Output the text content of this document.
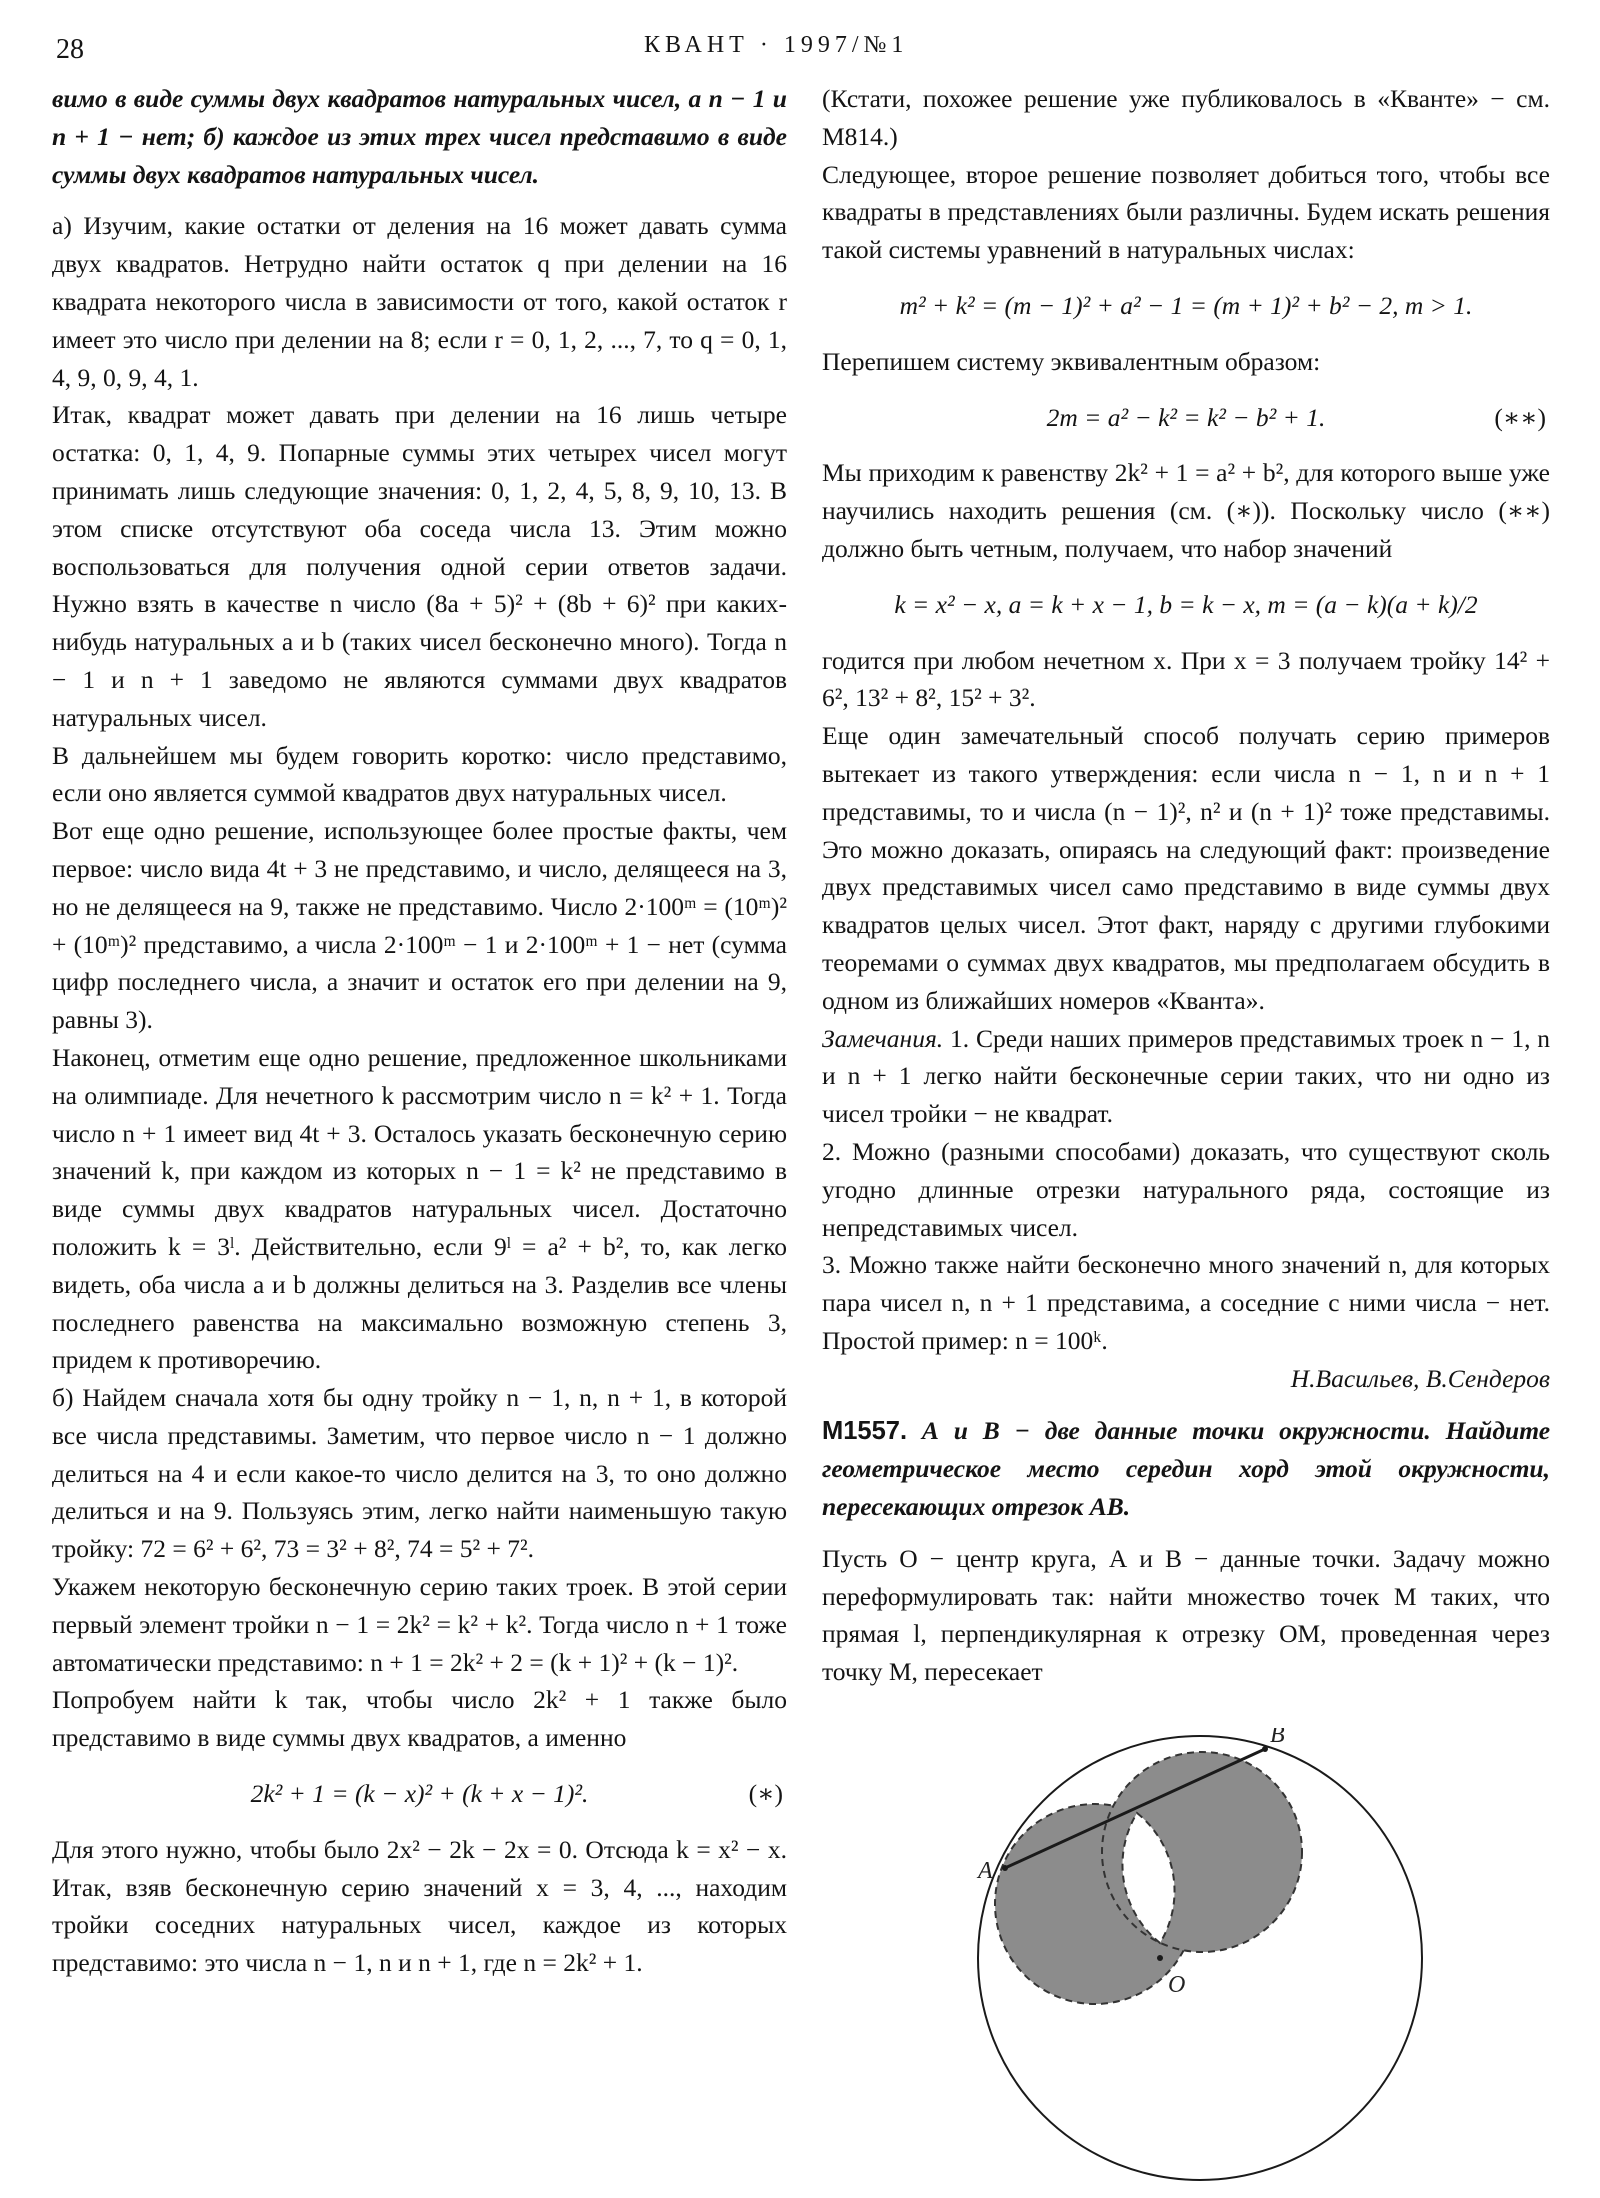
28	КВАНТ · 1997/№1

вимо в виде суммы двух квадратов натуральных чисел, а n − 1 и n + 1 − нет; б) каждое из этих трех чисел представимо в виде суммы двух квадратов натуральных чисел.

а) Изучим, какие остатки от деления на 16 может давать сумма двух квадратов. Нетрудно найти остаток q при делении на 16 квадрата некоторого числа в зависимости от того, какой остаток r имеет это число при делении на 8; если r = 0, 1, 2, ..., 7, то q = 0, 1, 4, 9, 0, 9, 4, 1.

Итак, квадрат может давать при делении на 16 лишь четыре остатка: 0, 1, 4, 9. Попарные суммы этих четырех чисел могут принимать лишь следующие значения: 0, 1, 2, 4, 5, 8, 9, 10, 13. В этом списке отсутствуют оба соседа числа 13. Этим можно воспользоваться для получения одной серии ответов задачи. Нужно взять в качестве n число (8a + 5)² + (8b + 6)² при каких-нибудь натуральных a и b (таких чисел бесконечно много). Тогда n − 1 и n + 1 заведомо не являются суммами двух квадратов натуральных чисел.

В дальнейшем мы будем говорить коротко: число представимо, если оно является суммой квадратов двух натуральных чисел.

Вот еще одно решение, использующее более простые факты, чем первое: число вида 4t + 3 не представимо, и число, делящееся на 3, но не делящееся на 9, также не представимо. Число 2·100ᵐ = (10ᵐ)² + (10ᵐ)² представимо, а числа 2·100ᵐ − 1 и 2·100ᵐ + 1 − нет (сумма цифр последнего числа, а значит и остаток его при делении на 9, равны 3).

Наконец, отметим еще одно решение, предложенное школьниками на олимпиаде. Для нечетного k рассмотрим число n = k² + 1. Тогда число n + 1 имеет вид 4t + 3. Осталось указать бесконечную серию значений k, при каждом из которых n − 1 = k² не представимо в виде суммы двух квадратов натуральных чисел. Достаточно положить k = 3ˡ. Действительно, если 9ˡ = a² + b², то, как легко видеть, оба числа a и b должны делиться на 3. Разделив все члены последнего равенства на максимально возможную степень 3, придем к противоречию.

б) Найдем сначала хотя бы одну тройку n − 1, n, n + 1, в которой все числа представимы. Заметим, что первое число n − 1 должно делиться на 4 и если какое-то число делится на 3, то оно должно делиться и на 9. Пользуясь этим, легко найти наименьшую такую тройку: 72 = 6² + 6², 73 = 3² + 8², 74 = 5² + 7².

Укажем некоторую бесконечную серию таких троек. В этой серии первый элемент тройки n − 1 = 2k² = k² + k². Тогда число n + 1 тоже автоматически представимо: n + 1 = 2k² + 2 = (k + 1)² + (k − 1)².

Попробуем найти k так, чтобы число 2k² + 1 также было представимо в виде суммы двух квадратов, а именно

2k² + 1 = (k − x)² + (k + x − 1)².	(∗)

Для этого нужно, чтобы было 2x² − 2k − 2x = 0. Отсюда k = x² − x. Итак, взяв бесконечную серию значений x = 3, 4, ..., находим тройки соседних натуральных чисел, каждое из которых представимо: это числа n − 1, n и n + 1, где n = 2k² + 1.

(Кстати, похожее решение уже публиковалось в «Кванте» − см. М814.)

Следующее, второе решение позволяет добиться того, чтобы все квадраты в представлениях были различны. Будем искать решения такой системы уравнений в натуральных числах:

m² + k² = (m − 1)² + a² − 1 = (m + 1)² + b² − 2, m > 1.

Перепишем систему эквивалентным образом:

2m = a² − k² = k² − b² + 1.	(∗∗)

Мы приходим к равенству 2k² + 1 = a² + b², для которого выше уже научились находить решения (см. (∗)). Поскольку число (∗∗) должно быть четным, получаем, что набор значений

k = x² − x, a = k + x − 1, b = k − x, m = (a − k)(a + k)/2

годится при любом нечетном x. При x = 3 получаем тройку 14² + 6², 13² + 8², 15² + 3².

Еще один замечательный способ получать серию примеров вытекает из такого утверждения: если числа n − 1, n и n + 1 представимы, то и числа (n − 1)², n² и (n + 1)² тоже представимы. Это можно доказать, опираясь на следующий факт: произведение двух представимых чисел само представимо в виде суммы двух квадратов целых чисел. Этот факт, наряду с другими глубокими теоремами о суммах двух квадратов, мы предполагаем обсудить в одном из ближайших номеров «Кванта».

Замечания. 1. Среди наших примеров представимых троек n − 1, n и n + 1 легко найти бесконечные серии таких, что ни одно из чисел тройки − не квадрат.

2. Можно (разными способами) доказать, что существуют сколь угодно длинные отрезки натурального ряда, состоящие из непредставимых чисел.

3. Можно также найти бесконечно много значений n, для которых пара чисел n, n + 1 представима, а соседние с ними числа − нет. Простой пример: n = 100ᵏ.

Н.Васильев, В.Сендеров

М1557. А и В − две данные точки окружности. Найдите геометрическое место середин хорд этой окружности, пересекающих отрезок АВ.

Пусть О − центр круга, А и В − данные точки. Задачу можно переформулировать так: найти множество точек М таких, что прямая l, перпендикулярная к отрезку ОМ, проведенная через точку М, пересекает

A
B
O
